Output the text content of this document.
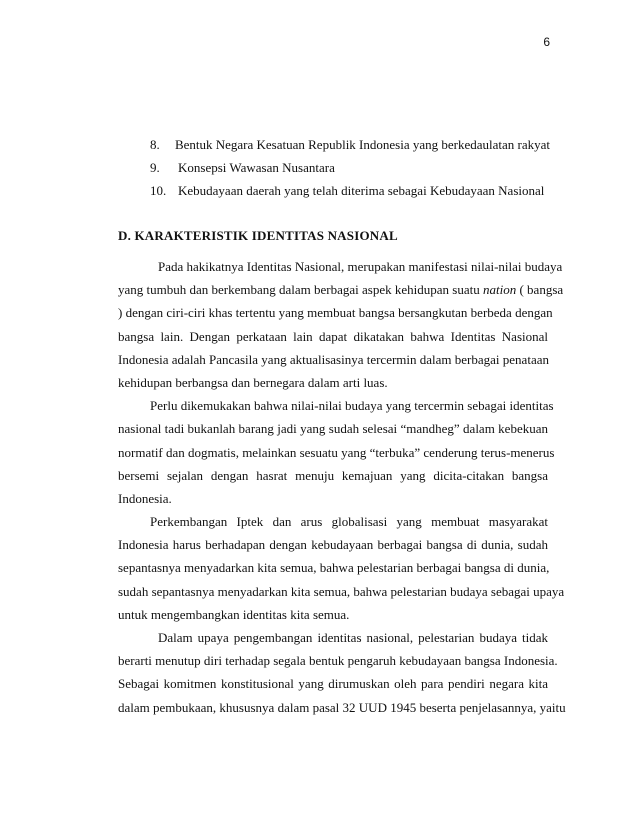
6
8.	Bentuk Negara Kesatuan Republik Indonesia yang berkedaulatan rakyat
9.	Konsepsi Wawasan Nusantara
10. Kebudayaan daerah yang telah diterima sebagai Kebudayaan Nasional
D. KARAKTERISTIK IDENTITAS NASIONAL
Pada hakikatnya Identitas Nasional, merupakan manifestasi nilai-nilai budaya
yang tumbuh dan berkembang dalam berbagai aspek kehidupan suatu nation ( bangsa
) dengan ciri-ciri khas tertentu yang membuat bangsa bersangkutan berbeda dengan
bangsa lain. Dengan perkataan lain dapat dikatakan bahwa Identitas Nasional
Indonesia adalah Pancasila yang aktualisasinya tercermin dalam berbagai penataan
kehidupan berbangsa dan bernegara dalam arti luas.
Perlu dikemukakan bahwa nilai-nilai budaya yang tercermin sebagai identitas
nasional tadi bukanlah barang jadi yang sudah selesai “mandheg” dalam kebekuan
normatif dan dogmatis, melainkan sesuatu yang “terbuka” cenderung terus-menerus
bersemi sejalan dengan hasrat menuju kemajuan yang dicita-citakan bangsa
Indonesia.
Perkembangan Iptek dan arus globalisasi yang membuat masyarakat
Indonesia harus berhadapan dengan kebudayaan berbagai bangsa di dunia, sudah
sepantasnya menyadarkan kita semua, bahwa pelestarian berbagai bangsa di dunia,
sudah sepantasnya menyadarkan kita semua, bahwa pelestarian budaya sebagai upaya
untuk mengembangkan identitas kita semua.
Dalam upaya pengembangan identitas nasional, pelestarian budaya tidak
berarti menutup diri terhadap segala bentuk pengaruh kebudayaan bangsa Indonesia.
Sebagai komitmen konstitusional yang dirumuskan oleh para pendiri negara kita
dalam pembukaan, khususnya dalam pasal 32 UUD 1945 beserta penjelasannya, yaitu
